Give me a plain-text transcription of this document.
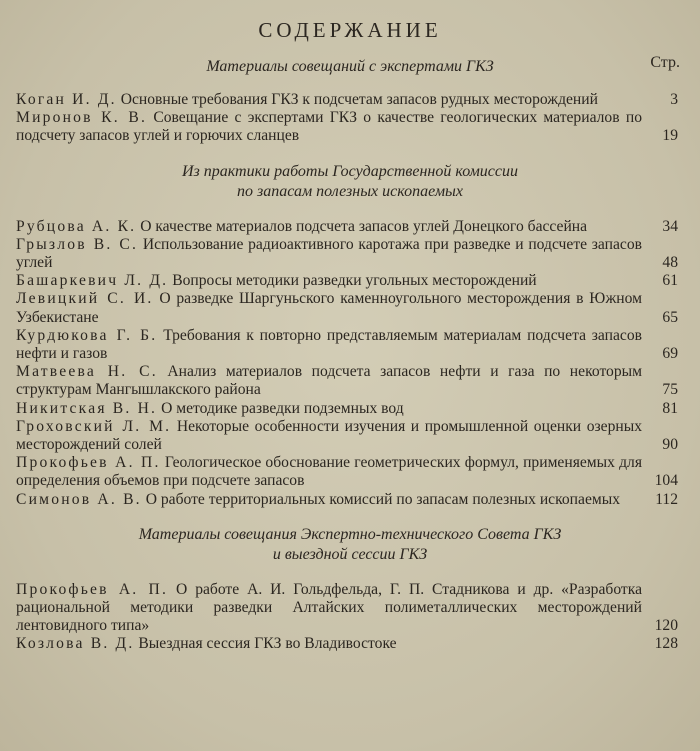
СОДЕРЖАНИЕ
Стр.

Материалы совещаний с экспертами ГКЗ

Коган И. Д. Основные требования ГКЗ к подсчетам запасов рудных месторождений	3

Миронов К. В. Совещание с экспертами ГКЗ о качестве геологических материалов по подсчету запасов углей и горючих сланцев	19

Из практики работы Государственной комиссии

по запасам полезных ископаемых

Рубцова А. К. О качестве материалов подсчета запасов углей Донецкого бассейна	34

Грызлов В. С. Использование радиоактивного каротажа при разведке и подсчете запасов углей	48

Башаркевич Л. Д. Вопросы методики разведки угольных месторождений	61

Левицкий С. И. О разведке Шаргуньского каменноугольного месторождения в Южном Узбекистане	65

Курдюкова Г. Б. Требования к повторно представляемым материалам подсчета запасов нефти и газов	69

Матвеева Н. С. Анализ материалов подсчета запасов нефти и газа по некоторым структурам Мангышлакского района	75

Никитская В. Н. О методике разведки подземных вод	81

Гроховский Л. М. Некоторые особенности изучения и промышленной оценки озерных месторождений солей	90

Прокофьев А. П. Геологическое обоснование геометрических формул, применяемых для определения объемов при подсчете запасов	104

Симонов А. В. О работе территориальных комиссий по запасам полезных ископаемых 112

Материалы совещания Экспертно-технического Совета ГКЗ

и выездной сессии ГКЗ

Прокофьев А. П. О работе А. И. Гольдфельда, Г. П. Стадникова и др. «Разработка рациональной методики разведки Алтайских полиметаллических месторождений лентовидного типа»	120

Козлова В. Д. Выездная сессия ГКЗ во Владивостоке	128
